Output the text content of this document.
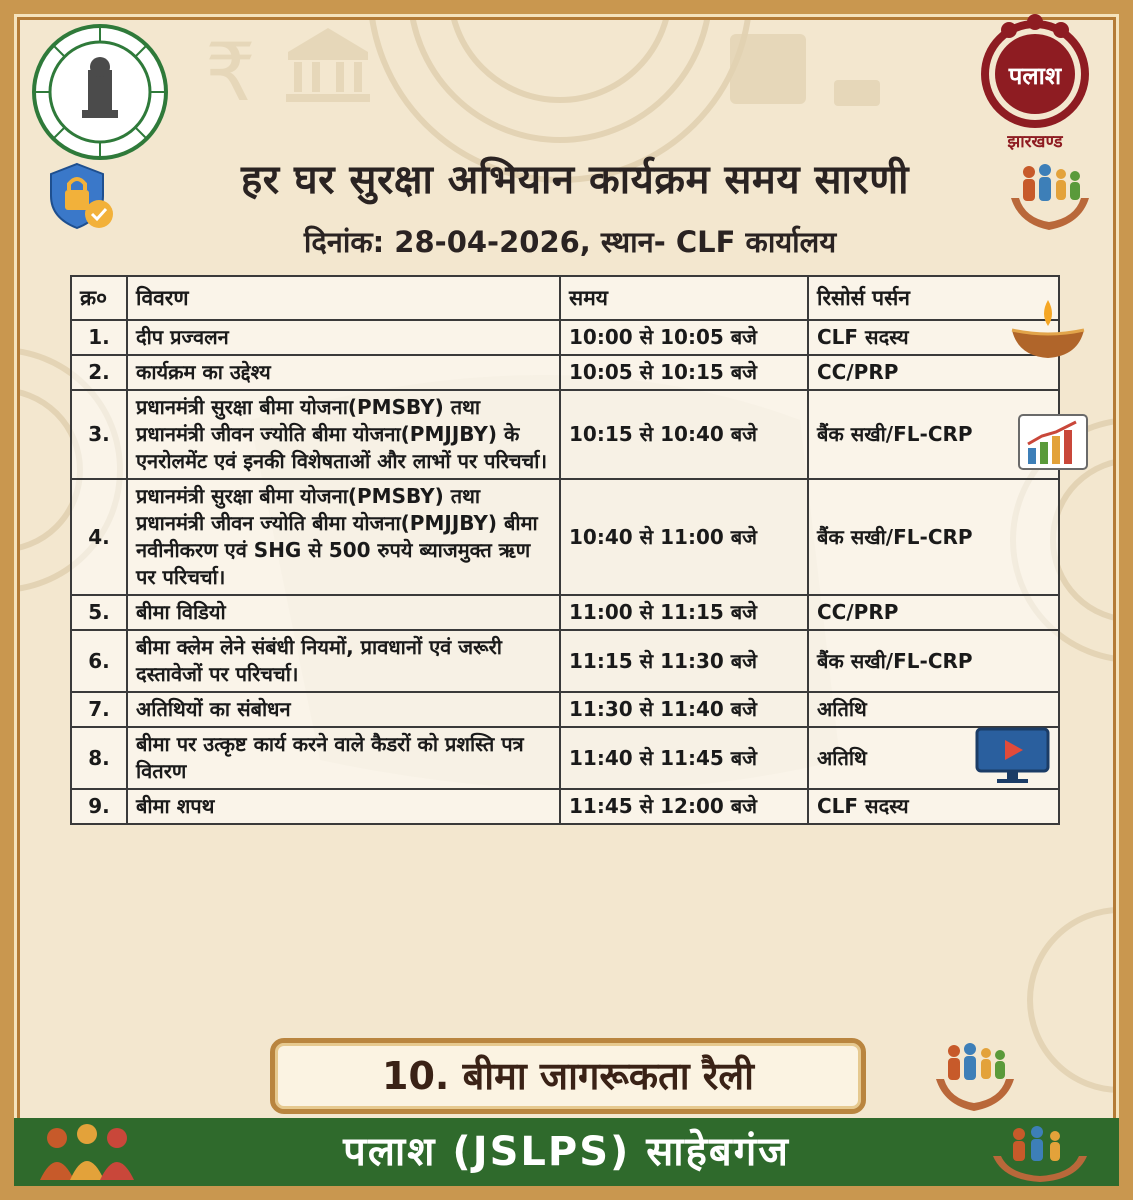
₹	पलाश
झारखण्ड
हर घर सुरक्षा अभियान कार्यक्रम समय सारणी
दिनांक: 28-04-2026, स्थान- CLF कार्यालय
क्र०	विवरण	समय	रिसोर्स पर्सन
1.	दीप प्रज्वलन	10:00 से 10:05 बजे	CLF सदस्य
2.	कार्यक्रम का उद्देश्य	10:05 से 10:15 बजे	CC/PRP
3.	प्रधानमंत्री सुरक्षा बीमा योजना(PMSBY) तथा प्रधानमंत्री जीवन ज्योति बीमा योजना(PMJJBY) के एनरोलमेंट एवं इनकी विशेषताओं और लाभों पर परिचर्चा।	10:15 से 10:40 बजे	बैंक सखी/FL-CRP
4.	प्रधानमंत्री सुरक्षा बीमा योजना(PMSBY) तथा प्रधानमंत्री जीवन ज्योति बीमा योजना(PMJJBY) बीमा नवीनीकरण एवं SHG से 500 रुपये ब्याजमुक्त ऋण पर परिचर्चा।	10:40 से 11:00 बजे	बैंक सखी/FL-CRP
5.	बीमा विडियो	11:00 से 11:15 बजे	CC/PRP
6.	बीमा क्लेम लेने संबंधी नियमों, प्रावधानों एवं जरूरी दस्तावेजों पर परिचर्चा।	11:15 से 11:30 बजे	बैंक सखी/FL-CRP
7.	अतिथियों का संबोधन	11:30 से 11:40 बजे	अतिथि
8.	बीमा पर उत्कृष्ट कार्य करने वाले कैडरों को प्रशस्ति पत्र वितरण	11:40 से 11:45 बजे	अतिथि
9.	बीमा शपथ	11:45 से 12:00 बजे	CLF सदस्य
10. बीमा जागरूकता रैली
पलाश (JSLPS) साहेबगंज
